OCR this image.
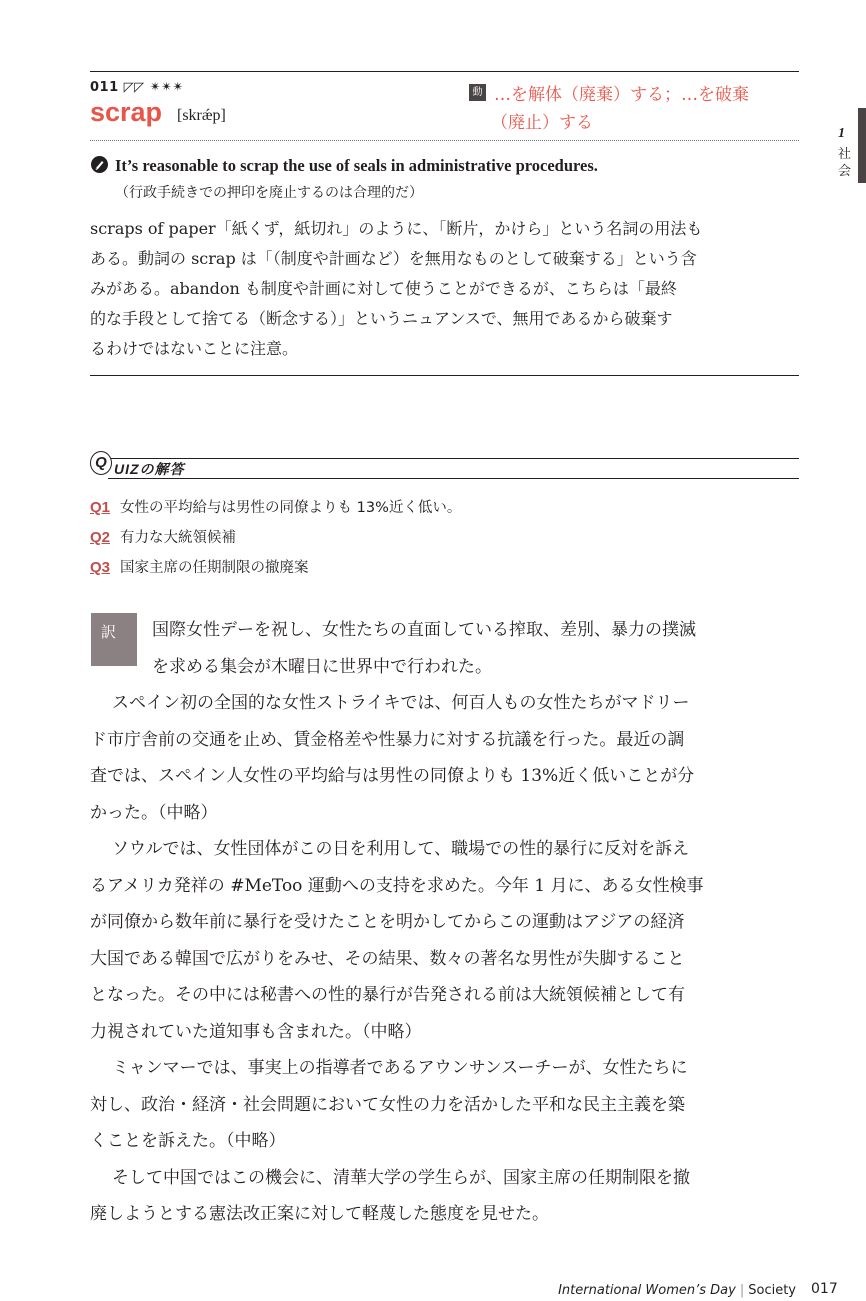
011 ◸◸ ✴✴✴
scrap [skrǽp]
動 …を解体（廃棄）する；…を破棄
（廃止）する
It’s reasonable to scrap the use of seals in administrative procedures.
（行政手続きでの押印を廃止するのは合理的だ）
scraps of paper「紙くず，紙切れ」のように、「断片，かけら」という名詞の用法も
ある。動詞の scrap は「（制度や計画など）を無用なものとして破棄する」という含
みがある。abandon も制度や計画に対して使うことができるが、こちらは「最終
的な手段として捨てる（断念する）」というニュアンスで、無用であるから破棄す
るわけではないことに注意。
1
社会
Q UIZの解答
Q1 女性の平均給与は男性の同僚よりも 13%近く低い。
Q2 有力な大統領候補
Q3 国家主席の任期制限の撤廃案
訳	国際女性デーを祝し、女性たちの直面している搾取、差別、暴力の撲滅
を求める集会が木曜日に世界中で行われた。
スペイン初の全国的な女性ストライキでは、何百人もの女性たちがマドリー
ド市庁舎前の交通を止め、賃金格差や性暴力に対する抗議を行った。最近の調
査では、スペイン人女性の平均給与は男性の同僚よりも 13%近く低いことが分
かった。（中略）
ソウルでは、女性団体がこの日を利用して、職場での性的暴行に反対を訴え
るアメリカ発祥の #MeToo 運動への支持を求めた。今年 1 月に、ある女性検事
が同僚から数年前に暴行を受けたことを明かしてからこの運動はアジアの経済
大国である韓国で広がりをみせ、その結果、数々の著名な男性が失脚すること
となった。その中には秘書への性的暴行が告発される前は大統領候補として有
力視されていた道知事も含まれた。（中略）
ミャンマーでは、事実上の指導者であるアウンサンスーチーが、女性たちに
対し、政治・経済・社会問題において女性の力を活かした平和な民主主義を築
くことを訴えた。（中略）
そして中国ではこの機会に、清華大学の学生らが、国家主席の任期制限を撤
廃しようとする憲法改正案に対して軽蔑した態度を見せた。
International Women’s Day | Society 017
